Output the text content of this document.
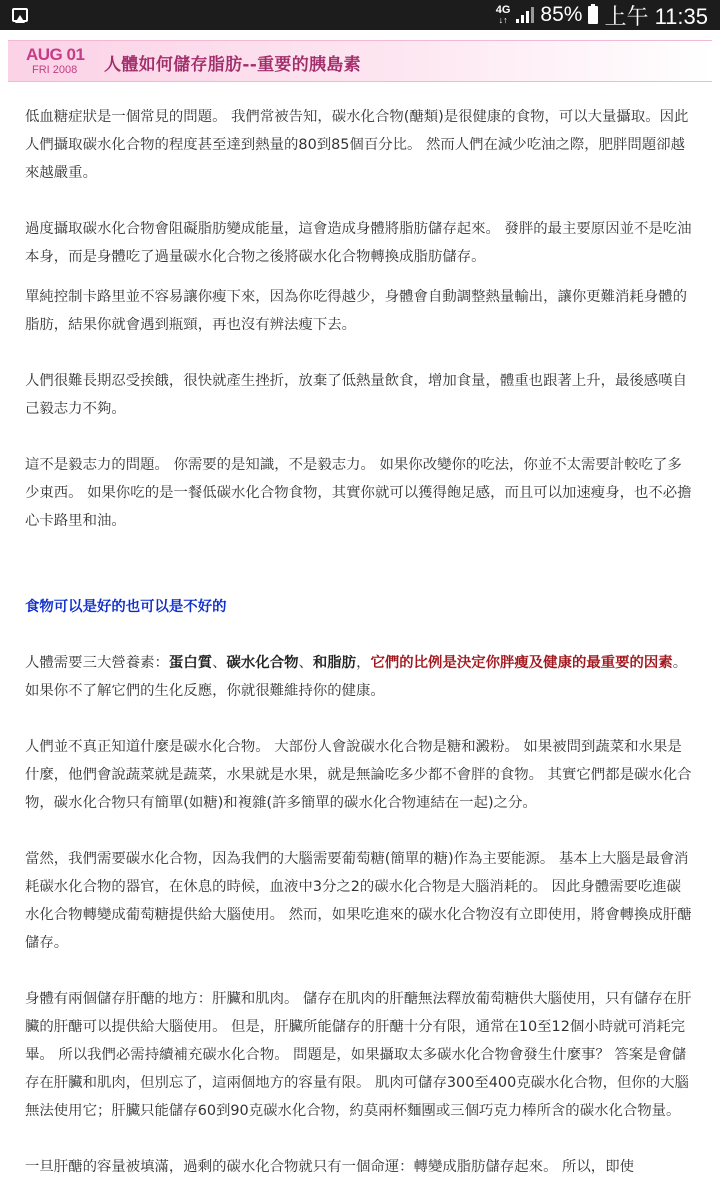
4G
↓↑ 85% 上午 11:35
AUG 01
FRI 2008	人體如何儲存脂肪--重要的胰島素

低血糖症狀是一個常見的問題。 我們常被告知，碳水化合物(醣類)是很健康的食物，可以大量攝取。因此人們攝取碳水化合物的程度甚至達到熱量的80到85個百分比。 然而人們在減少吃油之際，肥胖問題卻越來越嚴重。

過度攝取碳水化合物會阻礙脂肪變成能量，這會造成身體將脂肪儲存起來。 發胖的最主要原因並不是吃油本身，而是身體吃了過量碳水化合物之後將碳水化合物轉換成脂肪儲存。

單純控制卡路里並不容易讓你瘦下來，因為你吃得越少，身體會自動調整熱量輸出，讓你更難消耗身體的脂肪，結果你就會遇到瓶頸，再也沒有辨法瘦下去。

人們很難長期忍受挨餓，很快就產生挫折，放棄了低熱量飲食，增加食量，體重也跟著上升，最後感嘆自己毅志力不夠。

這不是毅志力的問題。 你需要的是知識，不是毅志力。 如果你改變你的吃法，你並不太需要計較吃了多少東西。 如果你吃的是一餐低碳水化合物食物，其實你就可以獲得飽足感，而且可以加速瘦身，也不必擔心卡路里和油。

食物可以是好的也可以是不好的

人體需要三大營養素：蛋白質、碳水化合物、和脂肪，它們的比例是決定你胖瘦及健康的最重要的因素。 如果你不了解它們的生化反應，你就很難維持你的健康。

人們並不真正知道什麼是碳水化合物。 大部份人會說碳水化合物是糖和澱粉。 如果被問到蔬菜和水果是什麼，他們會說蔬菜就是蔬菜，水果就是水果，就是無論吃多少都不會胖的食物。 其實它們都是碳水化合物，碳水化合物只有簡單(如糖)和複雜(許多簡單的碳水化合物連結在一起)之分。

當然，我們需要碳水化合物，因為我們的大腦需要葡萄糖(簡單的糖)作為主要能源。 基本上大腦是最會消耗碳水化合物的器官，在休息的時候，血液中3分之2的碳水化合物是大腦消耗的。 因此身體需要吃進碳水化合物轉變成葡萄糖提供給大腦使用。 然而，如果吃進來的碳水化合物沒有立即使用，將會轉換成肝醣儲存。

身體有兩個儲存肝醣的地方：肝臟和肌肉。 儲存在肌肉的肝醣無法釋放葡萄糖供大腦使用，只有儲存在肝臟的肝醣可以提供給大腦使用。 但是，肝臟所能儲存的肝醣十分有限，通常在10至12個小時就可消耗完畢。 所以我們必需持續補充碳水化合物。 問題是，如果攝取太多碳水化合物會發生什麼事？ 答案是會儲存在肝臟和肌肉，但別忘了，這兩個地方的容量有限。 肌肉可儲存300至400克碳水化合物，但你的大腦無法使用它；肝臟只能儲存60到90克碳水化合物，約莫兩杯麵團或三個巧克力棒所含的碳水化合物量。

一旦肝醣的容量被填滿，過剩的碳水化合物就只有一個命運：轉變成脂肪儲存起來。 所以，即使
